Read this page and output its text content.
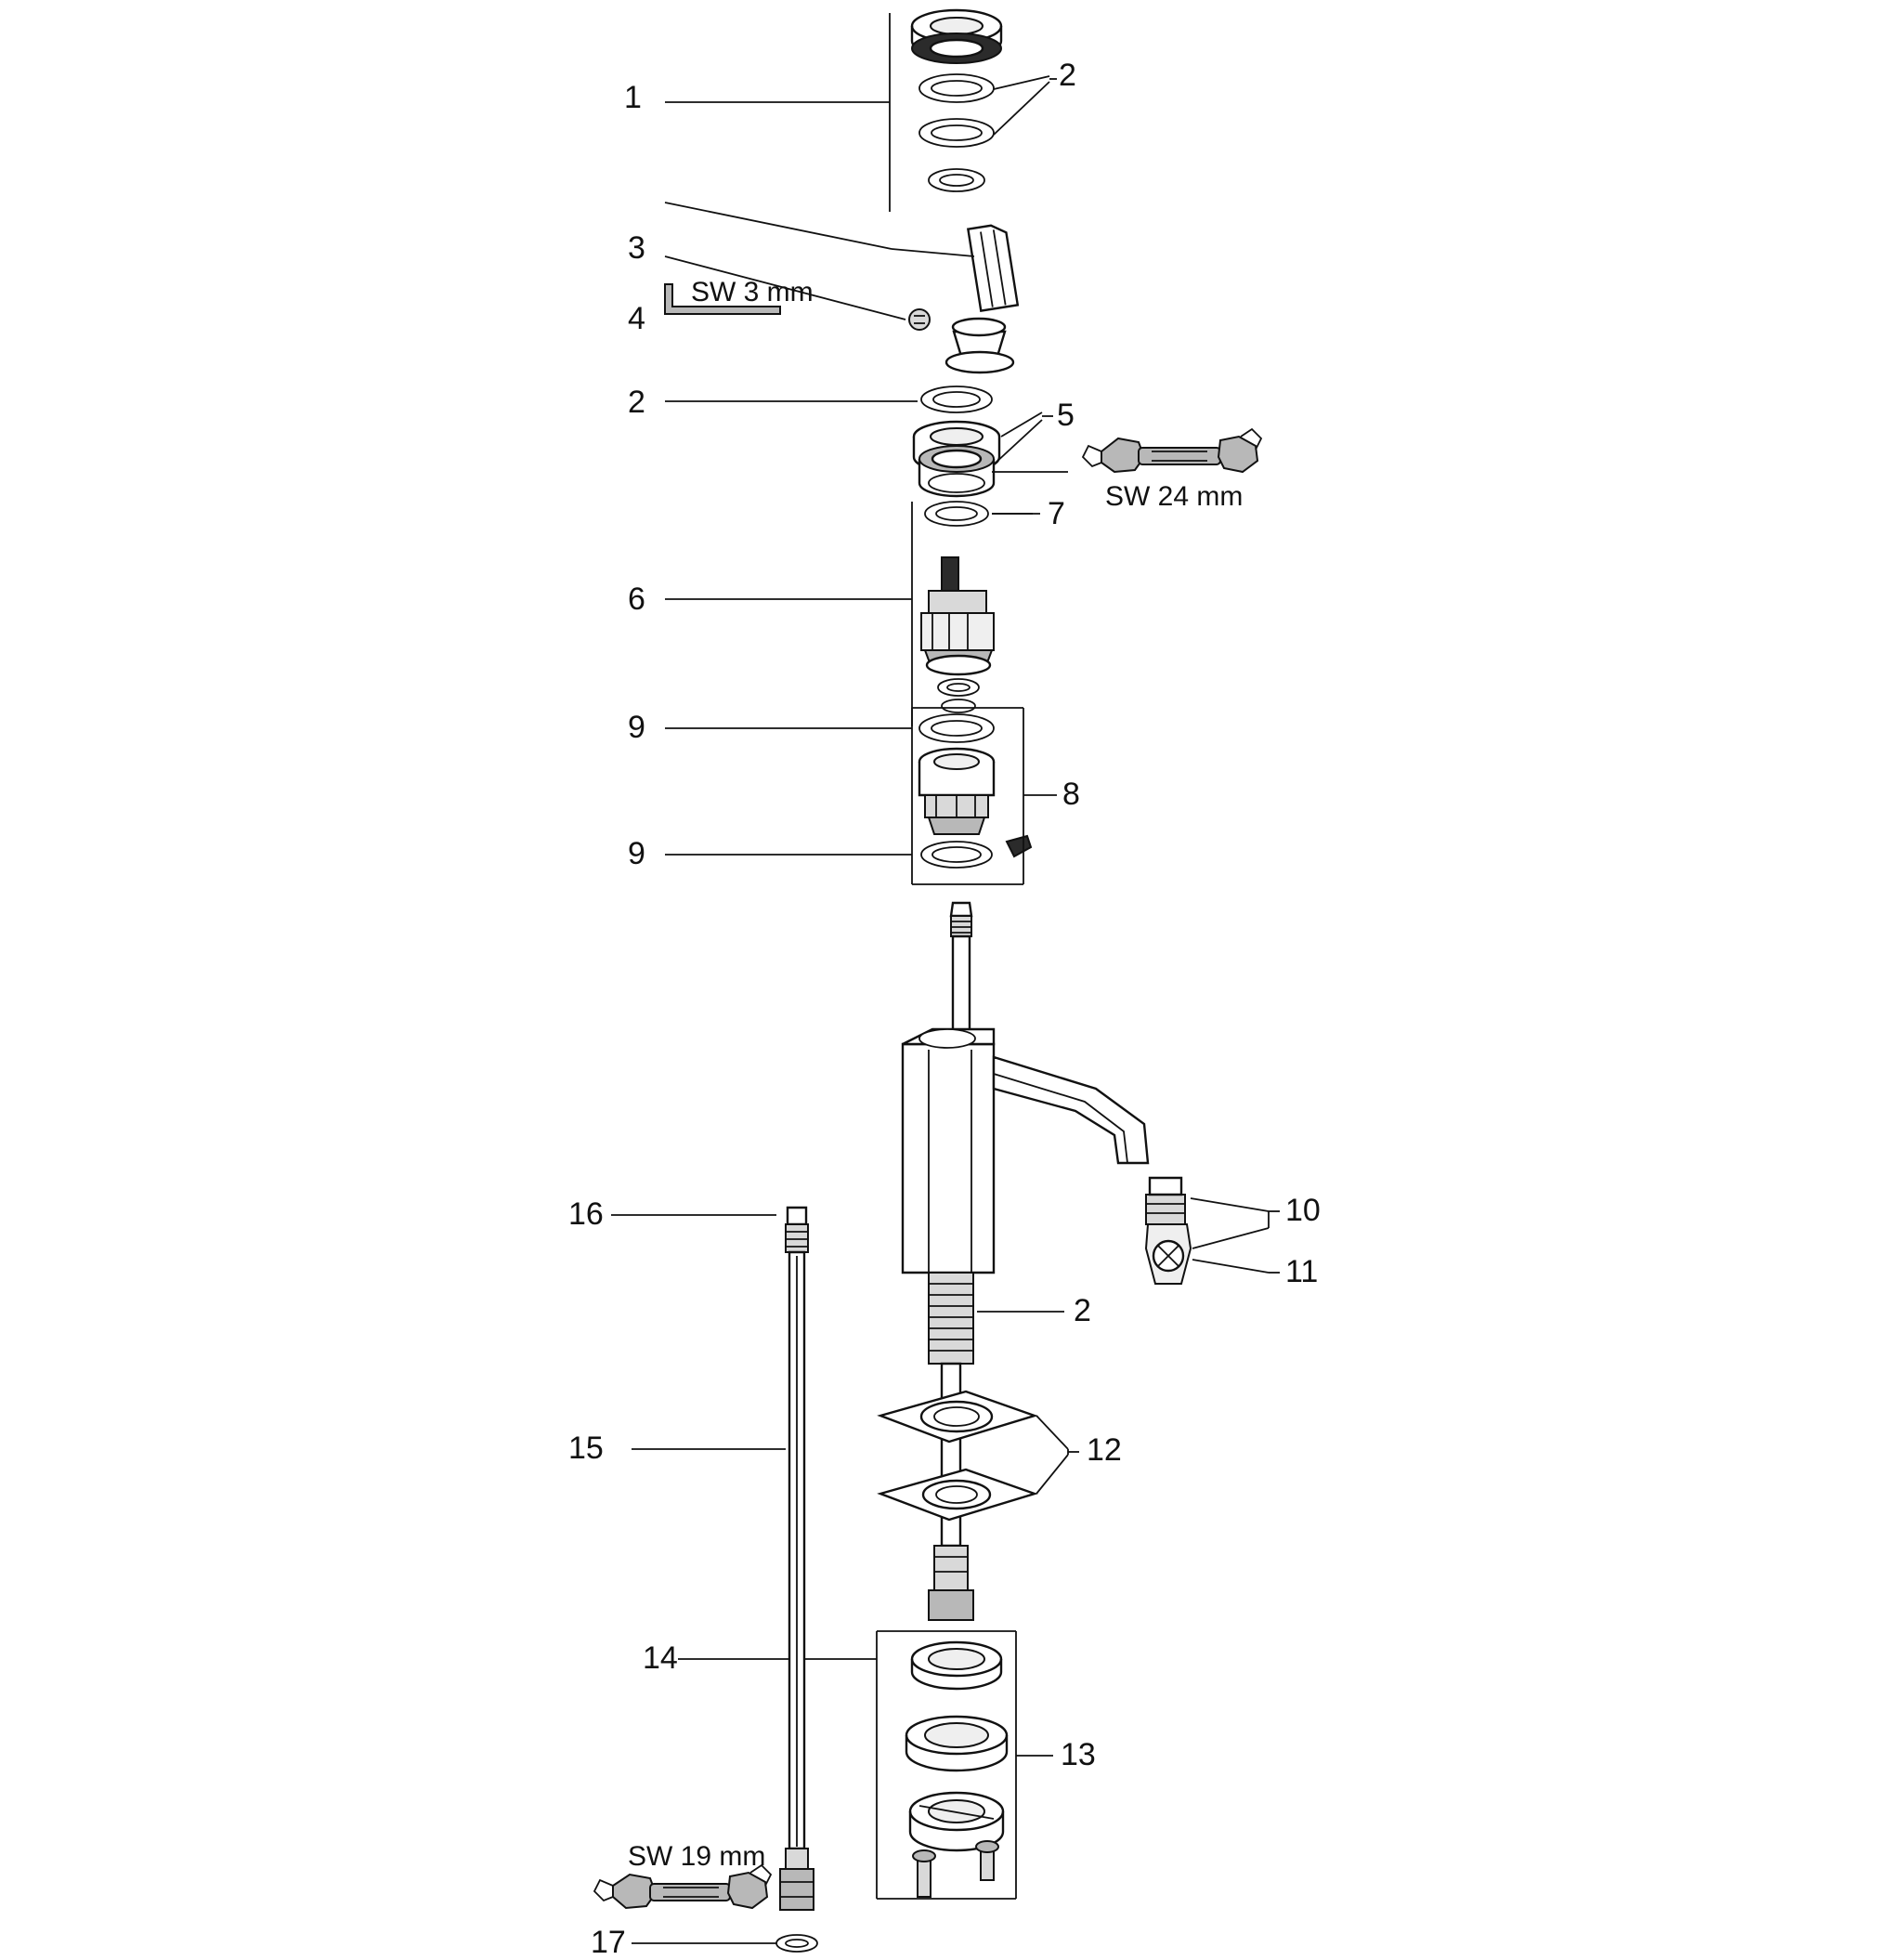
1
2
3
4
2	5
7
6
9
8
9
10
11
2
16
15	12
14
13
17
SW 3 mm
SW 24 mm
SW 19 mm
